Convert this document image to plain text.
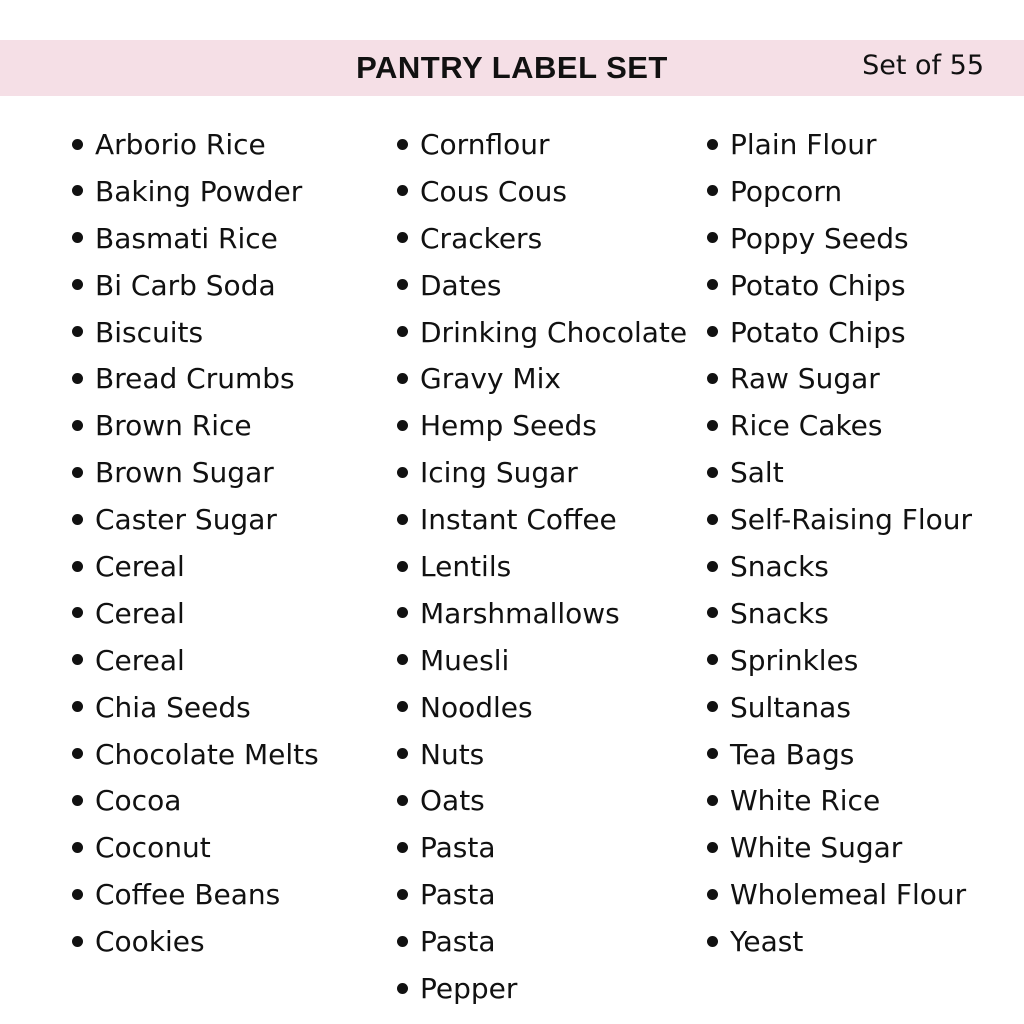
PANTRY LABEL SET	Set of 55
Arborio Rice
Baking Powder
Basmati Rice
Bi Carb Soda
Biscuits
Bread Crumbs
Brown Rice
Brown Sugar
Caster Sugar
Cereal
Cereal
Cereal
Chia Seeds
Chocolate Melts
Cocoa
Coconut
Coffee Beans
Cookies
Cornflour
Cous Cous
Crackers
Dates
Drinking Chocolate
Gravy Mix
Hemp Seeds
Icing Sugar
Instant Coffee
Lentils
Marshmallows
Muesli
Noodles
Nuts
Oats
Pasta
Pasta
Pasta
Pepper
Plain Flour
Popcorn
Poppy Seeds
Potato Chips
Potato Chips
Raw Sugar
Rice Cakes
Salt
Self-Raising Flour
Snacks
Snacks
Sprinkles
Sultanas
Tea Bags
White Rice
White Sugar
Wholemeal Flour
Yeast
